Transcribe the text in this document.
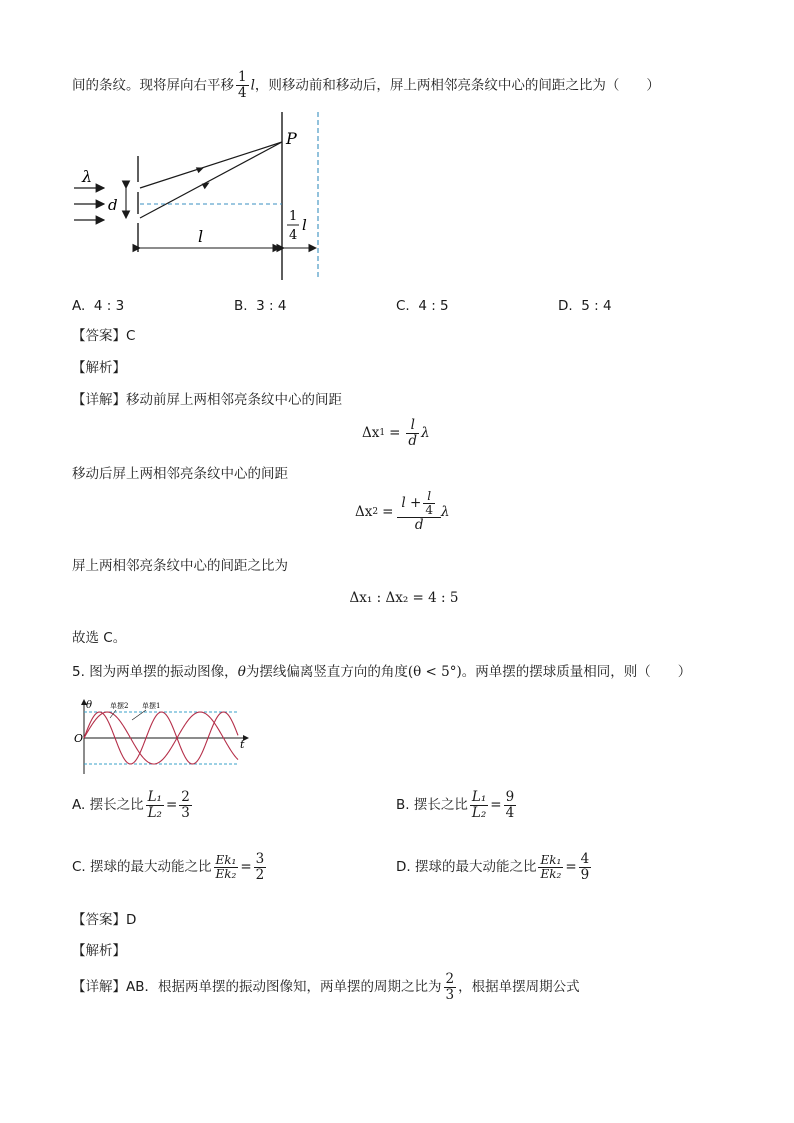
间的条纹。现将屏向右平移 $\frac{1}{4}$ l，则移动前和移动后，屏上两相邻亮条纹中心的间距之比为（　　）
λ
d
P
l
1
4
l
A. 4 : 3	B. 3 : 4	C. 4 : 5	D. 5 : 4
【答案】C
【解析】
【详解】移动前屏上两相邻亮条纹中心的间距
Δx $1 = \frac{l}{d}$ λ
移动后屏上两相邻亮条纹中心的间距
Δx $2 = \frac{l + \frac{l}{4}}{d}$ λ
屏上两相邻亮条纹中心的间距之比为
Δx₁ : Δx₂ = 4 : 5
故选 C。
5. 图为两单摆的振动图像，θ为摆线偏离竖直方向的角度(θ < 5°)。两单摆的摆球质量相同，则（　　）
θ
t
O
单摆2 单摆1
A.
摆长之比 $\frac{\text{L₁}}{\text{L₂}} = \frac{2}{3}$	B.
摆长之比 $\frac{\text{L₁}}{\text{L₂}} = \frac{9}{4}$
C.
摆球的最大动能之比 $\frac{\text{Ek₁}}{\text{Ek₂}} = \frac{3}{2}$	D.
摆球的最大动能之比 $\frac{\text{Ek₁}}{\text{Ek₂}} = \frac{4}{9}$
【答案】D
【解析】
【详解】 AB．根据两单摆的振动图像知，两单摆的周期之比为 $\frac{2}{3}$ ，根据单摆周期公式
